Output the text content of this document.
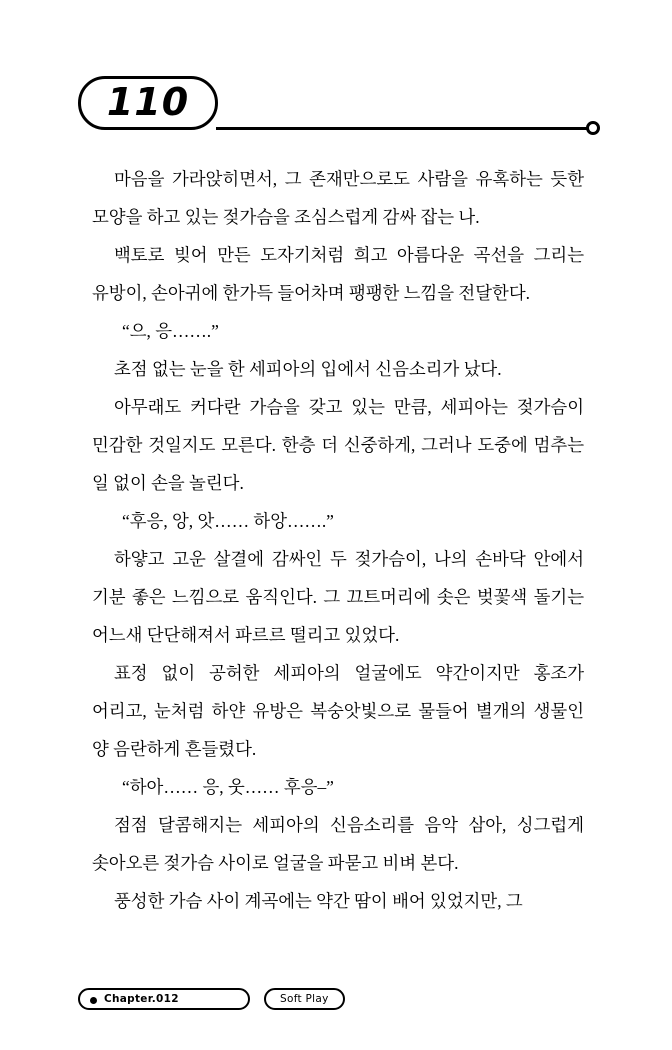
110

마음을 가라앉히면서, 그 존재만으로도 사람을 유혹하는 듯한 모양을 하고 있는 젖가슴을 조심스럽게 감싸 잡는 나.

백토로 빚어 만든 도자기처럼 희고 아름다운 곡선을 그리는 유방이, 손아귀에 한가득 들어차며 팽팽한 느낌을 전달한다.

“으, 응…….”

초점 없는 눈을 한 세피아의 입에서 신음소리가 났다.

아무래도 커다란 가슴을 갖고 있는 만큼, 세피아는 젖가슴이 민감한 것일지도 모른다. 한층 더 신중하게, 그러나 도중에 멈추는 일 없이 손을 놀린다.

“후응, 앙, 앗…… 하앙…….”

하얗고 고운 살결에 감싸인 두 젖가슴이, 나의 손바닥 안에서 기분 좋은 느낌으로 움직인다. 그 끄트머리에 솟은 벚꽃색 돌기는 어느새 단단해져서 파르르 떨리고 있었다.

표정 없이 공허한 세피아의 얼굴에도 약간이지만 홍조가 어리고, 눈처럼 하얀 유방은 복숭앗빛으로 물들어 별개의 생물인 양 음란하게 흔들렸다.

“하아…… 응, 웃…… 후응–”

점점 달콤해지는 세피아의 신음소리를 음악 삼아, 싱그럽게 솟아오른 젖가슴 사이로 얼굴을 파묻고 비벼 본다.

풍성한 가슴 사이 계곡에는 약간 땀이 배어 있었지만, 그

Chapter.012	Soft Play
